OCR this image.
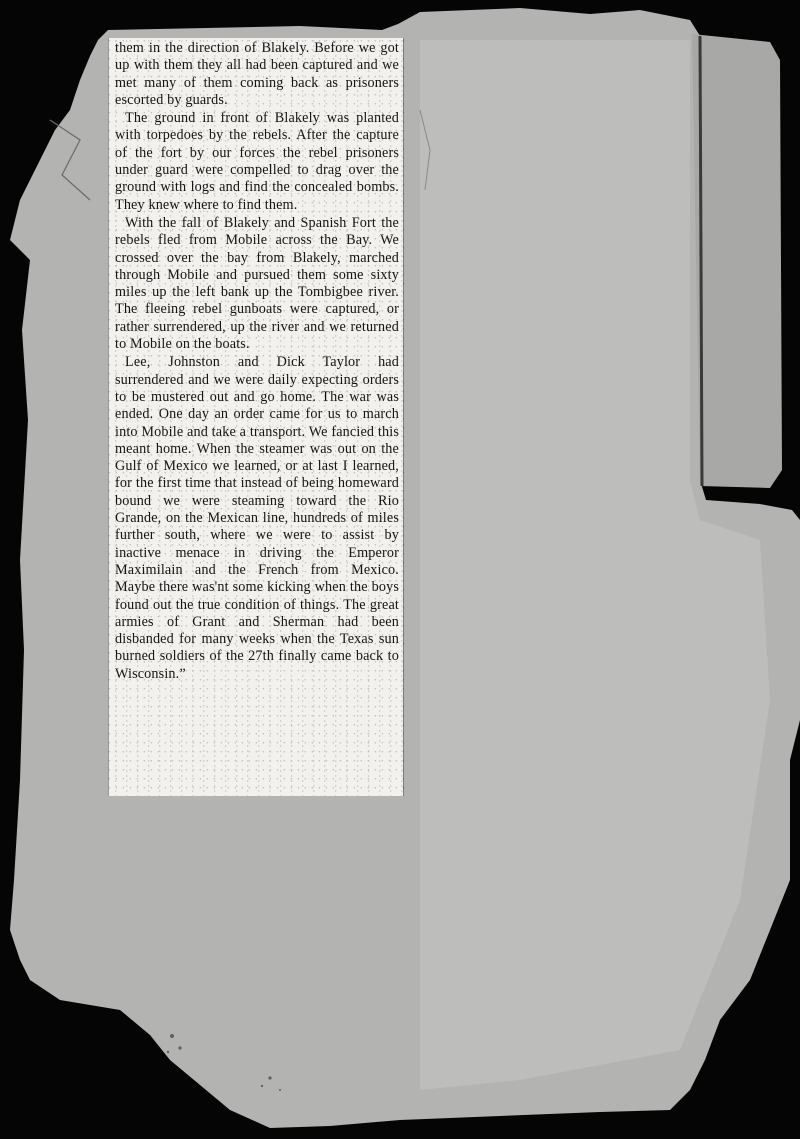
them in the direction of Blakely. Before we got up with them they all had been captured and we met many of them coming back as prisoners escorted by guards.

The ground in front of Blakely was planted with torpedoes by the rebels. After the capture of the fort by our forces the rebel prisoners under guard were compelled to drag over the ground with logs and find the concealed bombs. They knew where to find them.

With the fall of Blakely and Spanish Fort the rebels fled from Mobile across the Bay. We crossed over the bay from Blakely, marched through Mobile and pursued them some sixty miles up the left bank up the Tombigbee river. The fleeing rebel gunboats were captured, or rather surrendered, up the river and we returned to Mobile on the boats.

Lee, Johnston and Dick Taylor had surrendered and we were daily expecting orders to be mustered out and go home. The war was ended. One day an order came for us to march into Mobile and take a transport. We fancied this meant home. When the steamer was out on the Gulf of Mexico we learned, or at last I learned, for the first time that instead of being homeward bound we were steaming toward the Rio Grande, on the Mexican line, hundreds of miles further south, where we were to assist by inactive menace in driving the Emperor Maximilain and the French from Mexico. Maybe there was'nt some kicking when the boys found out the true condition of things. The great armies of Grant and Sherman had been disbanded for many weeks when the Texas sun burned soldiers of the 27th finally came back to Wisconsin.”
